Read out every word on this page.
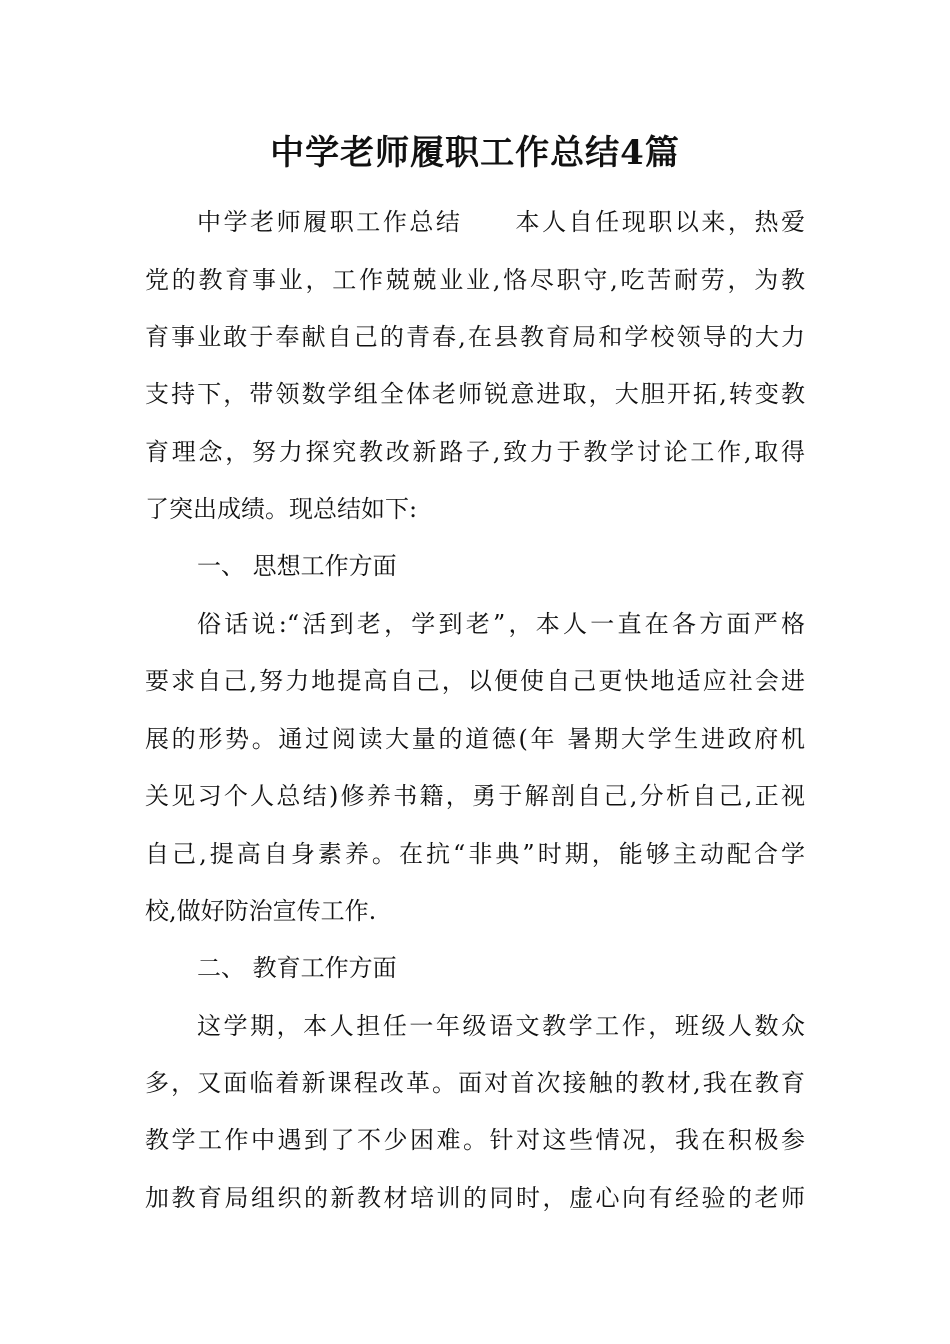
中学老师履职工作总结4篇
中学老师履职工作总结　　本人自任现职以来，热爱
党的教育事业，工作兢兢业业,恪尽职守,吃苦耐劳，为教
育事业敢于奉献自己的青春,在县教育局和学校领导的大力
支持下，带领数学组全体老师锐意进取，大胆开拓,转变教
育理念，努力探究教改新路子,致力于教学讨论工作,取得
了突出成绩。现总结如下:
一、 思想工作方面
俗话说:“活到老，学到老”，本人一直在各方面严格
要求自己,努力地提高自己，以便使自己更快地适应社会进
展的形势。通过阅读大量的道德(年 暑期大学生进政府机
关见习个人总结)修养书籍，勇于解剖自己,分析自己,正视
自己,提高自身素养。在抗“非典”时期，能够主动配合学
校,做好防治宣传工作.
二、 教育工作方面
这学期，本人担任一年级语文教学工作，班级人数众
多，又面临着新课程改革。面对首次接触的教材,我在教育
教学工作中遇到了不少困难。针对这些情况，我在积极参
加教育局组织的新教材培训的同时，虚心向有经验的老师
